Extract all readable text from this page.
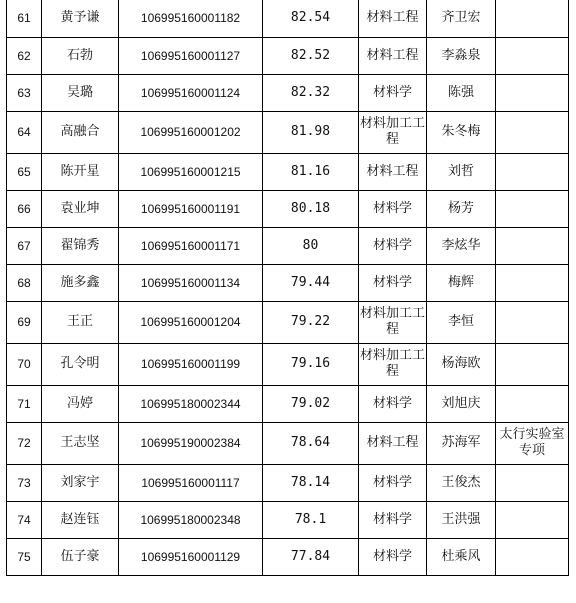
61	黄予谦	106995160001182	82.54	材料工程	齐卫宏	
62	石勃	106995160001127	82.52	材料工程	李淼泉	
63	吴璐	106995160001124	82.32	材料学	陈强	
64	高融合	106995160001202	81.98	材料加工工程	朱冬梅	
65	陈开星	106995160001215	81.16	材料工程	刘哲	
66	袁业坤	106995160001191	80.18	材料学	杨芳	
67	翟锦秀	106995160001171	80	材料学	李炫华	
68	施多鑫	106995160001134	79.44	材料学	梅辉	
69	王正	106995160001204	79.22	材料加工工程	李恒	
70	孔令明	106995160001199	79.16	材料加工工程	杨海欧	
71	冯婷	106995180002344	79.02	材料学	刘旭庆	
72	王志坚	106995190002384	78.64	材料工程	苏海军	太行实验室专项
73	刘家宇	106995160001117	78.14	材料学	王俊杰	
74	赵连钰	106995180002348	78.1	材料学	王洪强	
75	伍子豪	106995160001129	77.84	材料学	杜乘风	
